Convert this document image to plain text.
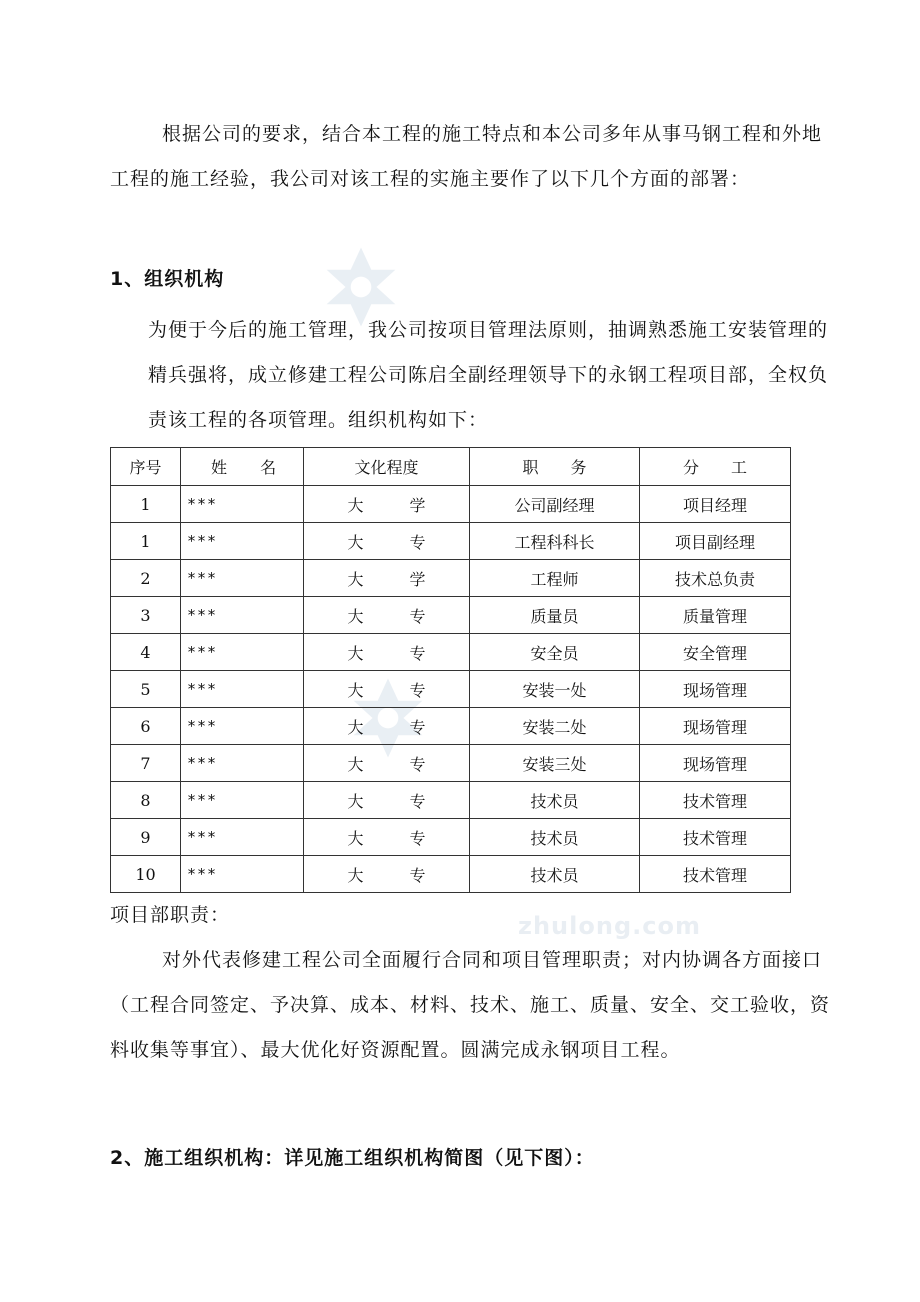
根据公司的要求，结合本工程的施工特点和本公司多年从事马钢工程和外地工程的施工经验，我公司对该工程的实施主要作了以下几个方面的部署：

1、组织机构

为便于今后的施工管理，我公司按项目管理法原则，抽调熟悉施工安装管理的精兵强将，成立修建工程公司陈启全副经理领导下的永钢工程项目部，全权负责该工程的各项管理。组织机构如下：

序号	姓 名	文化程度	职　　务	分　　工
1	***	大 学	公司副经理	项目经理
1	***	大 专	工程科科长	项目副经理
2	***	大 学	工程师	技术总负责
3	***	大 专	质量员	质量管理
4	***	大 专	安全员	安全管理
5	***	大 专	安装一处	现场管理
6	***	大 专	安装二处	现场管理
7	***	大 专	安装三处	现场管理
8	***	大 专	技术员	技术管理
9	***	大 专	技术员	技术管理
10	***	大 专	技术员	技术管理

项目部职责：	zhulong.com

对外代表修建工程公司全面履行合同和项目管理职责；对内协调各方面接口（工程合同签定、予决算、成本、材料、技术、施工、质量、安全、交工验收，资料收集等事宜）、最大优化好资源配置。圆满完成永钢项目工程。

2、施工组织机构：详见施工组织机构简图（见下图）：
